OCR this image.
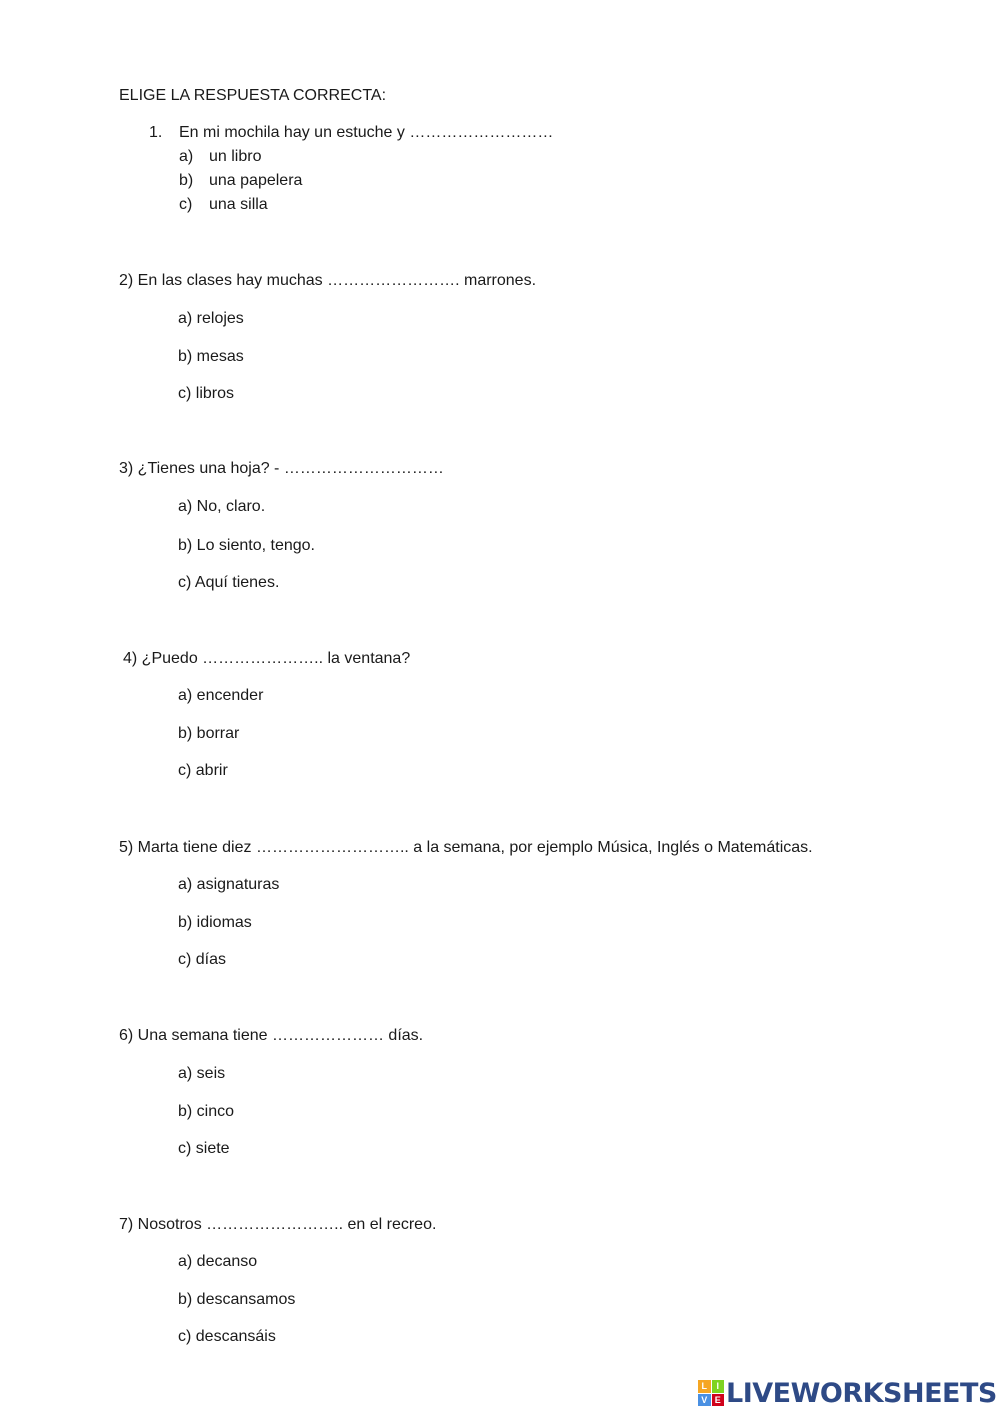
ELIGE LA RESPUESTA CORRECTA:
1. En mi mochila hay un estuche y ………………………
a) un libro
b) una papelera
c) una silla
2) En las clases hay muchas ……………………. marrones.
a) relojes
b) mesas
c) libros
3) ¿Tienes una hoja? - …………………………
a) No, claro.
b) Lo siento, tengo.
c) Aquí tienes.
4) ¿Puedo ………………….. la ventana?
a) encender
b) borrar
c) abrir
5) Marta tiene diez ……………………….. a la semana, por ejemplo Música, Inglés o Matemáticas.
a) asignaturas
b) idiomas
c) días
6) Una semana tiene ………………… días.
a) seis
b) cinco
c) siete
7) Nosotros …………………….. en el recreo.
a) decanso
b) descansamos
c) descansáis
L	I
V E LIVEWORKSHEETS
